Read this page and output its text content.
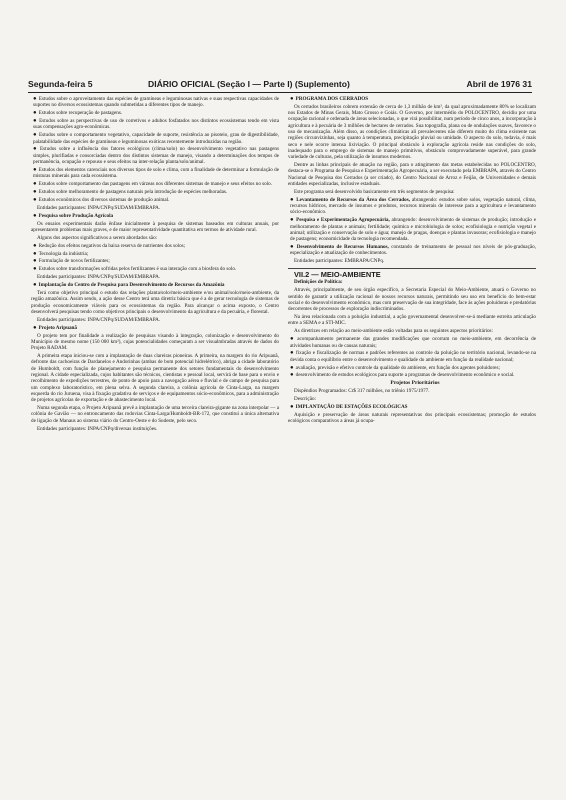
Segunda-feira 5	DIÁRIO OFICIAL (Seção I — Parte I) (Suplemento)	Abril de 1976 31

● Estudos sobre o aproveitamento das espécies de gramíneas e leguminosas nativas e suas respectivas capacidades de suportes no diversos ecossistemas quando submetidas a diferentes tipos de manejo.

● Estudos sobre recuperação de pastagens.

● Estudos sobre as perspectivas de uso de corretivos e adubos fosfatados nos distintos ecossistemas tendo em vista suas compensações agro-econômicas.

● Estudos sobre o comportamento vegetativo, capacidade de suporte, resistência ao pisoteio, grau de digestibilidade, palatabilidade das espécies de gramíneas e leguminosas exóticas recentemente introduzidas na região.

● Estudos sobre a influência dos fatores ecológicos (clima/solo) no desenvolvimento vegetativo nas pastagens simples, plurifiadas e consorciadas dentro dos distintos sistemas de manejo, visando a determinações dos tempos de permanência, ocupação e repouso e seus efeitos na inter-relação planta/solo/animal.

● Estudos dos elementos carenciais nos diversos tipos de solo e clima, com a finalidade de determinar a formulação de misturas minerais para cada ecossistema.

● Estudos sobre comportamento das pastagens em várzeas nos diferentes sistemas de manejo e seus efeitos no solo.

● Estudos sobre melhoramento de pastagens naturais pela introdução de espécies melhoradas.

● Estudos econômicos dos diversos sistemas de produção animal.

Entidades participantes: INPA/CNPq/SUDAM/EMBRAPA.

● Pesquisa sobre Produção Agrícola

Os ensaios experimentais darão ênfase inicialmente à pesquisa de sistemas baseados em culturas anuais, por apresentarem problemas mais graves, e de maior representatividade quantitativa em termos de atividade rural.

Alguns dos aspectos significativos a serem abordados são:

● Redução dos efeitos negativos da baixa reserva de nutrientes dos solos;

● Tecnologia da indústria;

● Formulação de novos fertilizantes;

● Estudos sobre transformações sofridas pelos fertilizantes é sua interação com a biosfera do solo.

Entidades participantes: INPA/CNPq/SUDAM/EMBRAPA.

● Implantação do Centro de Pesquisa para Desenvolvimento de Recursos da Amazônia

Terá como objetivo principal o estudo das relações planta/solo/meio-ambiente e/ou animal/solo/meio-ambiente, da região amazônica. Assim sendo, a ação desse Centro terá uma diretriz básica que é a de gerar tecnologia de sistemas de produção economicamente viáveis para os ecossistemas da região. Para alcançar o acima exposto, o Centro desenvolverá pesquisas tendo como objetivos principais o desenvolvimento da agricultura e da pecuária, e florestal.

Entidades participantes: INPA/CNPq/SUDAM/EMBRAPA.

● Projeto Aripuanã

O projeto tem por finalidade a realização de pesquisas visando à integração, colonização e desenvolvimento do Município de mesmo nome (150 000 km²), cujas potencialidades começaram a ser visualmbradas através de dados do Projeto RADAM.

A primeira etapa iniciou-se com a implantação de duas clareiras pioneiras. A primeira, na margem do rio Aripuanã, defronte das cachoeiras de Dardanelos e Andorinhas (ambas de bom potencial hidrelétrico), abriga a cidade laboratório de Humboldt, com função de planejamento e pesquisa permanente dos setores fundamentais do desenvolvimento regional. A cidade especializada, cujos habitantes são técnicos, cientistas e pessoal local, servirá de base para o envio e recolhimento de expedições terrestres, de ponto de apoio para a navegação aérea e fluvial e de campo de pesquisa para um complexo laboratorístico, em plena selva. A segunda clareira, a colônia agrícola de Cinta-Larga, na margem esquerda do rio Juruena, visa à fixação gradativa de serviços e de equipamentos sócio-econômicos, para a administração de projetos agrícolas de exportação e de abastecimento local.

Numa segunda etapa, o Projeto Aripuanã prevê a implantação de uma terceira clareira-gigante na zona interpolar — a colônia de Gavião — no entroncamento das rodovias Cinta-Larga/Humboldt-BR-172, que constitui a única alternativa de ligação de Manaus ao sistema viário do Centro-Oeste e do Sudeste, pelo seco.

Entidades participantes: INPA/CNPq/diversas instituições.

● PROGRAMA DOS CERRADOS

Os cerrados brasileiros cobrem extensão de cerca de 1,3 milhão de km², da qual aproximadamente 80% se localizam nos Estados de Minas Gerais, Mato Grosso e Goiás. O Governo, por intermédio do POLOCENTRO, decidiu por uma ocupação racional e ordenada de áreas selecionadas, o que virá possibilitar, num período de cinco anos, a incorporação à agricultura e à pecuária de 3 milhões de hectares de cerrados. Sua topografia, plana ou de ondulações suaves, favorece o uso de mecanização. Além disso, as condições climáticas ali prevalecentes não diferem muito do clima existente nas regiões circunvizinhas, seja quanto à temperatura, precipitação pluvial ou umidade. O aspecto do solo, todavia, é mais seco e nele ocorre intensa lixiviação. O principal obstáculo à exploração agrícola reside nas condições do solo, inadequado para o emprego de sistemas de manejo primitivos, obstáculo comprovadamente superável, para grande variedade de culturas, pela utilização de insumos modernos.

Dentre as linhas principais de atuação na região, para o atingimento das metas estabelecidas no POLOCENTRO, destaca-se o Programa de Pesquisa e Experimentação Agropecuária, a ser executado pela EMBRAPA, através do Centro Nacional de Pesquisa dos Cerrados (a ser criado), do Centro Nacional de Arroz e Feijão, de Universidades e demais entidades especializadas, inclusive estaduais.

Este programa será desenvolvido basicamente em três segmentos de pesquisa:

● Levantamento de Recursos da Área dos Cerrados, abrangendo: estudos sobre solos, vegetação natural, clima, recursos hídricos, mercado de insumos e produtos, recursos minerais de interesse para a agricultura e levantamento sócio-econômico.

● Pesquisa e Experimentação Agropecuária, abrangendo: desenvolvimento de sistemas de produção; introdução e melhoramento de plantas e animais; fertilidade; química e microbiologia de solos; ecofisiologia e nutrição vegetal e animal; utilização e conservação de solo e água; manejo de pragas, doenças e plantas invasoras; ecofisiologia e manejo de pastagens; economicidade da tecnologia recomendada.

● Desenvolvimento de Recursos Humanos, constando de treinamento de pessoal nos níveis de pós-graduação, especialização e atualização de conhecimentos.

Entidades participantes: EMBRAPA/CNPq.

VII.2 — MEIO-AMBIENTE

Definições de Política:

Através, principalmente, de seu órgão específico, a Secretaria Especial do Meio-Ambiente, atuará o Governo no sentido de garantir a utilização racional de nossos recursos naturais, permitindo seu uso em benefício do bem-estar social e do desenvolvimento econômico, mas com preservação de sua integridade, face às ações poluidoras e predatórias decorrentes de processos de exploração indiscriminados.

Na área relacionada com a poluição industrial, a ação governamental desenvolver-se-á mediante estreita articulação entre a SEMA e a STI-MIC.

As diretrizes em relação ao meio-ambiente estão voltadas para os seguintes aspectos prioritários:

● acompanhamento permanente das grandes modificações que ocorram no meio-ambiente, em decorrência de atividades humanas ou de causas naturais;

● fixação e fiscalização de normas e padrões referentes ao controle da poluição no território nacional, levando-se na devida conta o equilíbrio entre o desenvolvimento e qualidade do ambiente em função da realidade nacional;

● avaliação, previsão e efetivo controle da qualidade do ambiente, em função dos agentes poluidores;

● desenvolvimento de estudos ecológicos para suporte a programas de desenvolvimento econômico e social.

Projetos Prioritários

Dispêndios Programados: Cr$ 317 milhões, no triênio 1975/1977.

Descrição:

● IMPLANTAÇÃO DE ESTAÇÕES ECOLÓGICAS

Aquisição e preservação de áreas naturais representativas dos principais ecossistemas; promoção de estudos ecológicos comparativos a áreas já ocupa-
